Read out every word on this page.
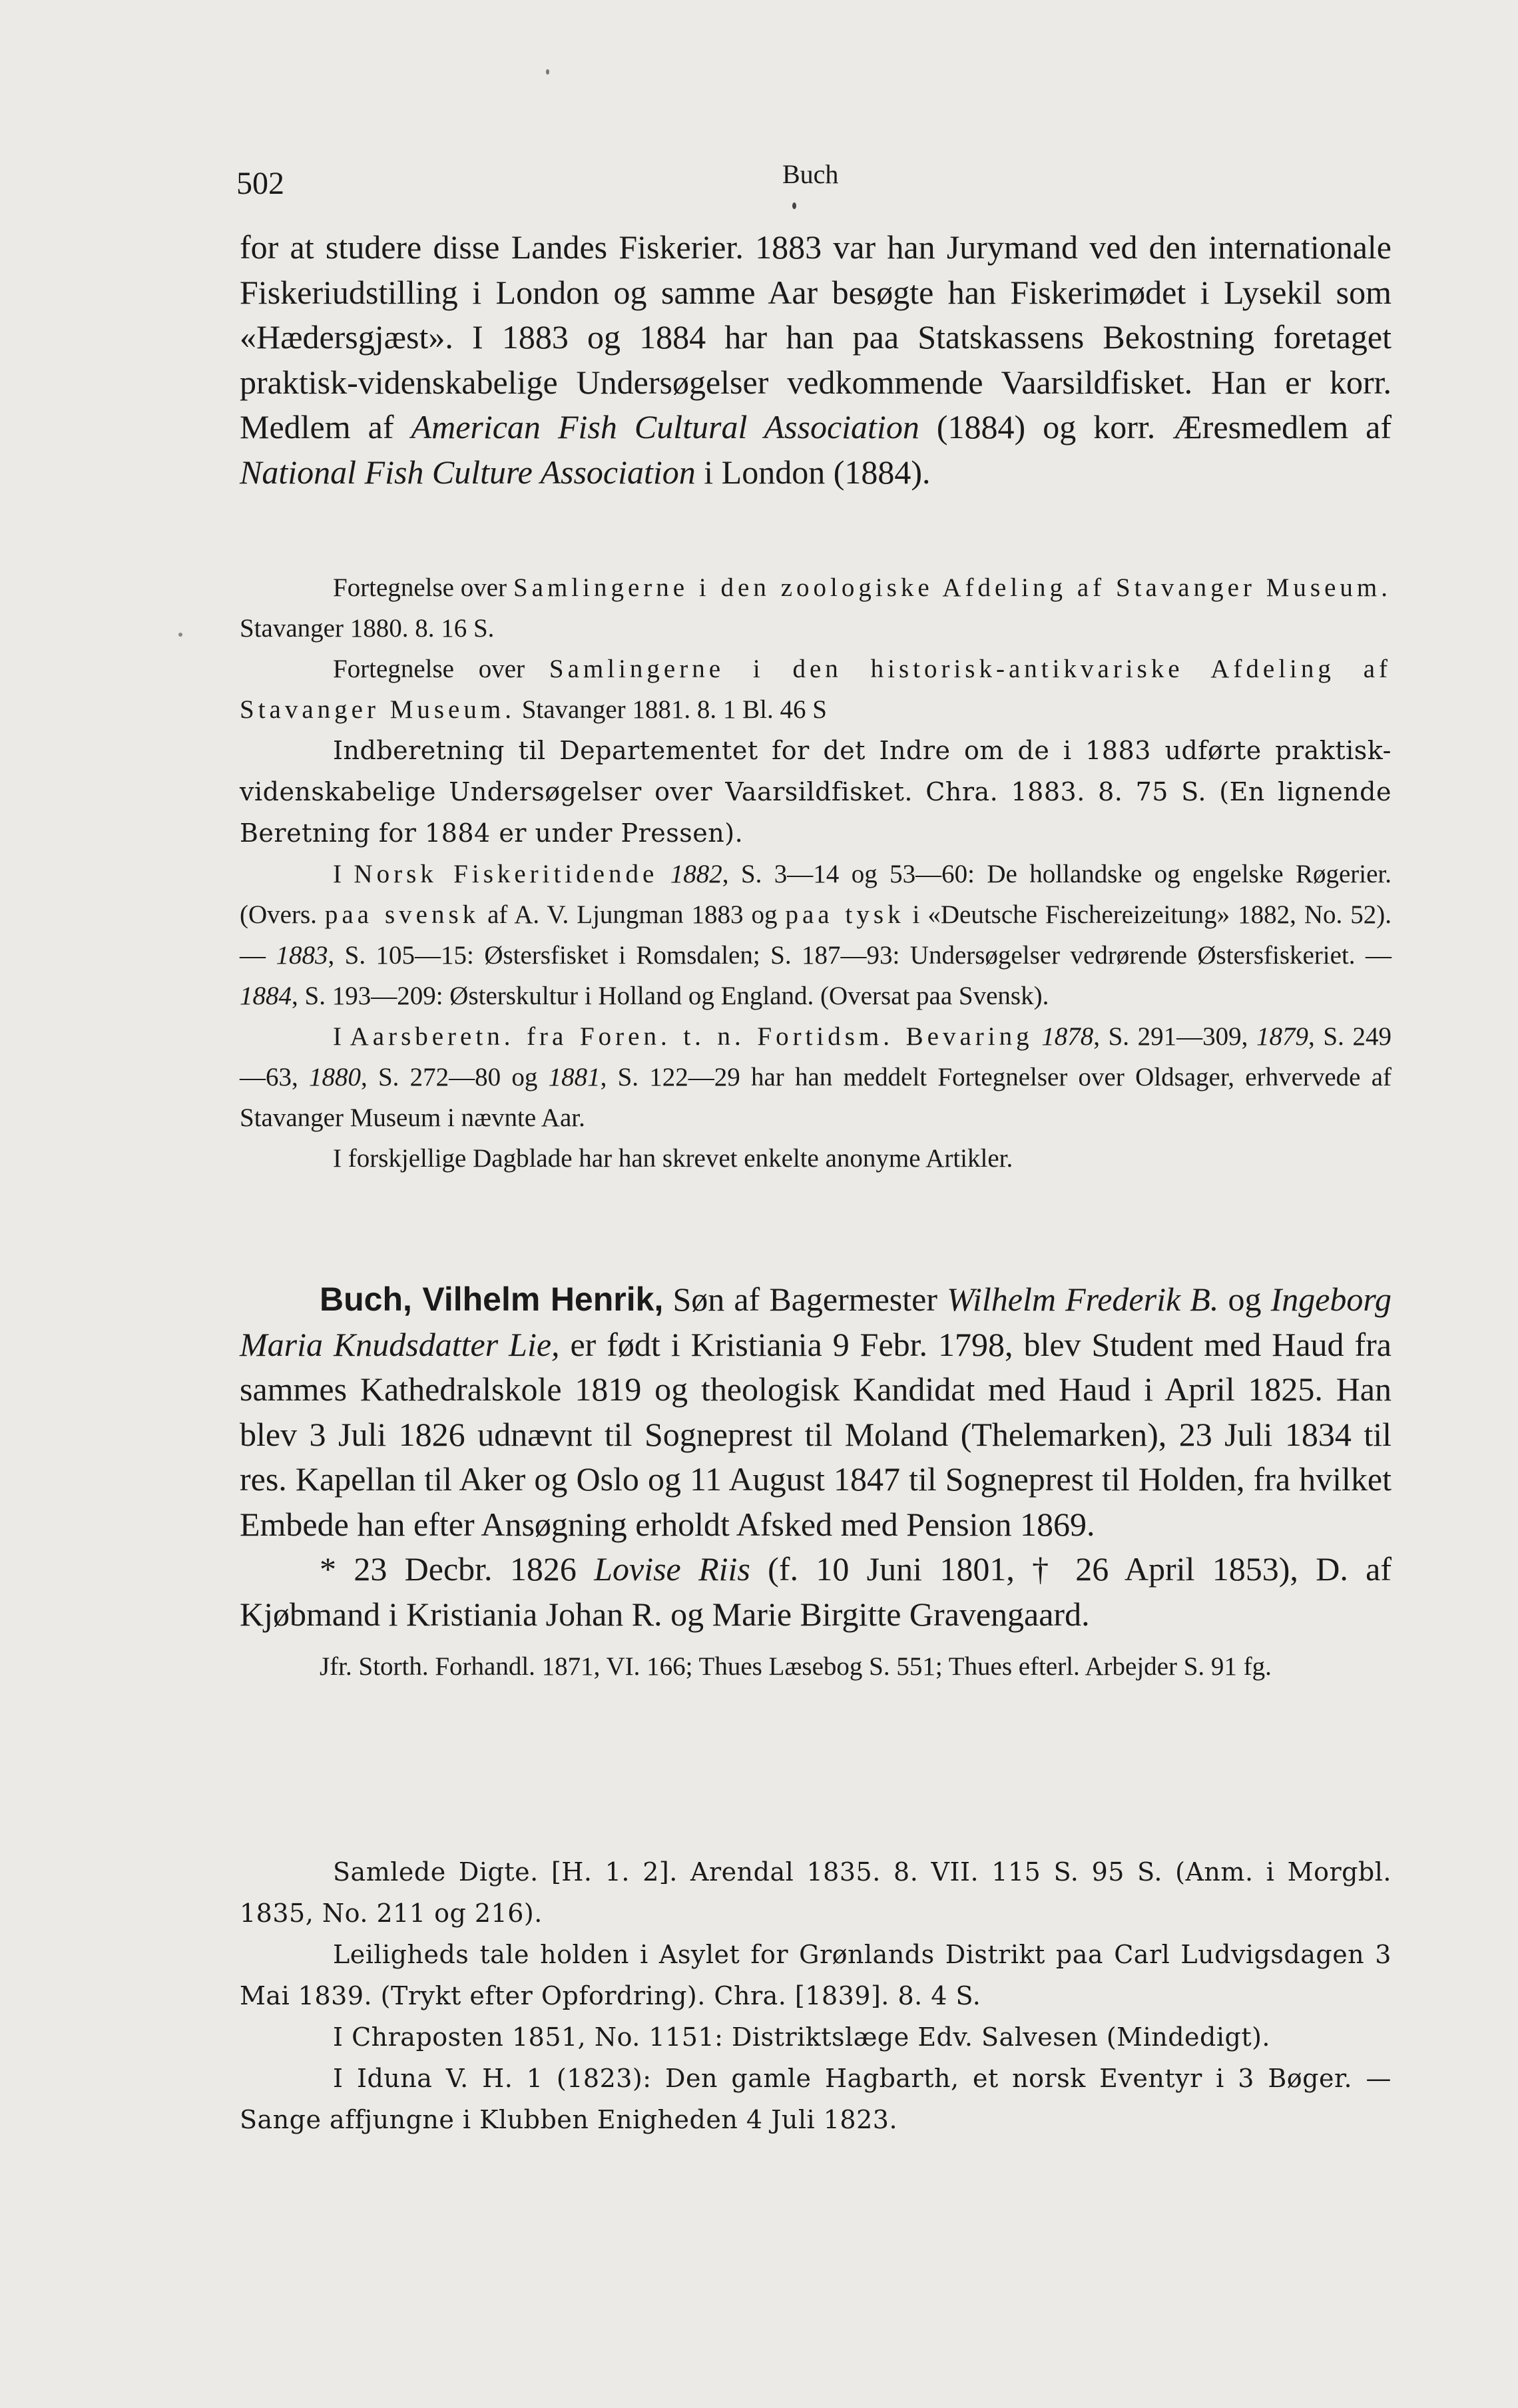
502	Buch

for at studere disse Landes Fiskerier. 1883 var han Jurymand ved den internationale Fiskeriudstilling i London og samme Aar besøgte han Fiskerimødet i Lysekil som «Hædersgjæst». I 1883 og 1884 har han paa Statskassens Bekostning foretaget praktisk-videnskabelige Undersøgelser vedkommende Vaarsildfisket. Han er korr. Medlem af American Fish Cultural Association (1884) og korr. Æresmedlem af National Fish Culture Association i London (1884).

Fortegnelse over Samlingerne i den zoologiske Afdeling af Stavanger Museum. Stavanger 1880. 8. 16 S.

Fortegnelse over Samlingerne i den historisk-antikvariske Afdeling af Stavanger Museum. Stavanger 1881. 8. 1 Bl. 46 S

Indberetning til Departementet for det Indre om de i 1883 udførte praktisk-videnskabelige Undersøgelser over Vaarsildfisket. Chra. 1883. 8. 75 S. (En lignende Beretning for 1884 er under Pressen).

I Norsk Fiskeritidende 1882, S. 3—14 og 53—60: De hollandske og engelske Røgerier. (Overs. paa svensk af A. V. Ljungman 1883 og paa tysk i «Deutsche Fischereizeitung» 1882, No. 52). — 1883, S. 105—15: Østersfisket i Romsdalen; S. 187—93: Undersøgelser vedrørende Østersfiskeriet. — 1884, S. 193—209: Østerskultur i Holland og England. (Oversat paa Svensk).

I Aarsberetn. fra Foren. t. n. Fortidsm. Bevaring 1878, S. 291—309, 1879, S. 249—63, 1880, S. 272—80 og 1881, S. 122—29 har han meddelt Fortegnelser over Oldsager, erhvervede af Stavanger Museum i nævnte Aar.

I forskjellige Dagblade har han skrevet enkelte anonyme Artikler.

Buch, Vilhelm Henrik, Søn af Bagermester Wilhelm Frederik B. og Ingeborg Maria Knudsdatter Lie, er født i Kristiania 9 Febr. 1798, blev Student med Haud fra sammes Kathedralskole 1819 og theologisk Kandidat med Haud i April 1825. Han blev 3 Juli 1826 udnævnt til Sogneprest til Moland (Thelemarken), 23 Juli 1834 til res. Kapellan til Aker og Oslo og 11 August 1847 til Sogneprest til Holden, fra hvilket Embede han efter Ansøgning erholdt Afsked med Pension 1869.

* 23 Decbr. 1826 Lovise Riis (f. 10 Juni 1801, † 26 April 1853), D. af Kjøbmand i Kristiania Johan R. og Marie Birgitte Gravengaard.

Jfr. Storth. Forhandl. 1871, VI. 166; Thues Læsebog S. 551; Thues efterl. Arbejder S. 91 fg.

Samlede Digte. [H. 1. 2]. Arendal 1835. 8. VII. 115 S. 95 S. (Anm. i Morgbl. 1835, No. 211 og 216).

Leiligheds tale holden i Asylet for Grønlands Distrikt paa Carl Ludvigsdagen 3 Mai 1839. (Trykt efter Opfordring). Chra. [1839]. 8. 4 S.

I Chraposten 1851, No. 1151: Distriktslæge Edv. Salvesen (Mindedigt).

I Iduna V. H. 1 (1823): Den gamle Hagbarth, et norsk Eventyr i 3 Bøger. — Sange affjungne i Klubben Enigheden 4 Juli 1823.
